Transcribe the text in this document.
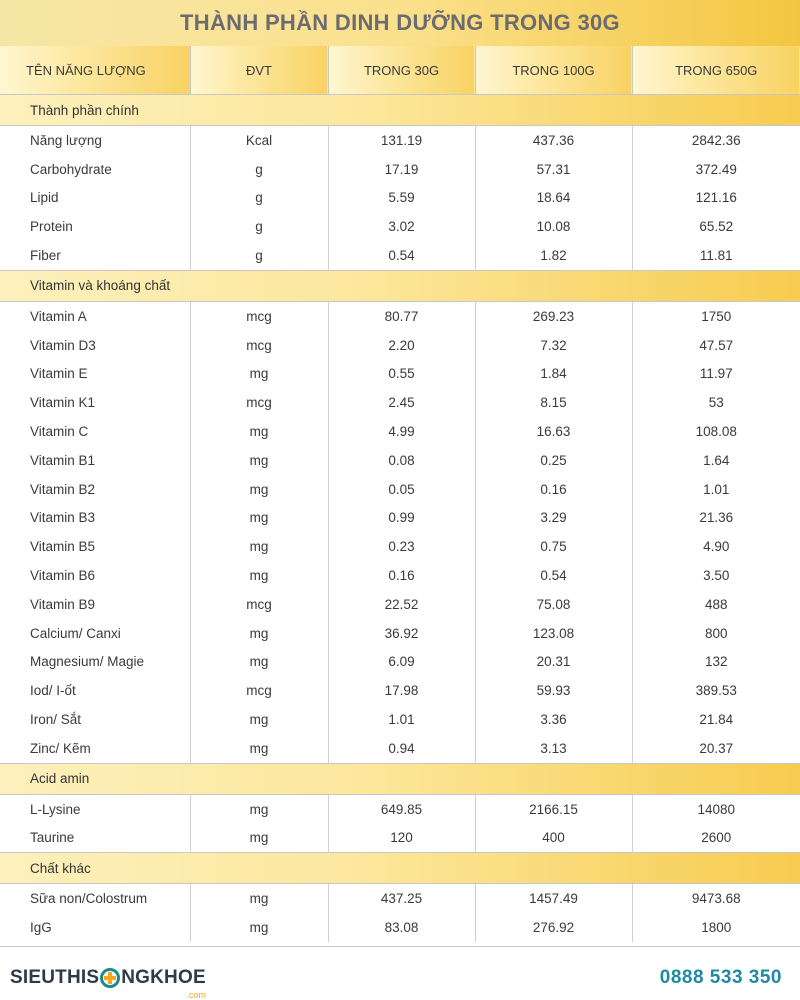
THÀNH PHẦN DINH DƯỠNG TRONG 30G
TÊN NĂNG LƯỢNG	ĐVT	TRONG 30G	TRONG 100G	TRONG 650G
Thành phần chính				
Năng lượng	Kcal	131.19	437.36	2842.36
Carbohydrate	g	17.19	57.31	372.49
Lipid	g	5.59	18.64	121.16
Protein	g	3.02	10.08	65.52
Fiber	g	0.54	1.82	11.81
Vitamin và khoáng chất				
Vitamin A	mcg	80.77	269.23	1750
Vitamin D3	mcg	2.20	7.32	47.57
Vitamin E	mg	0.55	1.84	11.97
Vitamin K1	mcg	2.45	8.15	53
Vitamin C	mg	4.99	16.63	108.08
Vitamin B1	mg	0.08	0.25	1.64
Vitamin B2	mg	0.05	0.16	1.01
Vitamin B3	mg	0.99	3.29	21.36
Vitamin B5	mg	0.23	0.75	4.90
Vitamin B6	mg	0.16	0.54	3.50
Vitamin B9	mcg	22.52	75.08	488
Calcium/ Canxi	mg	36.92	123.08	800
Magnesium/ Magie	mg	6.09	20.31	132
Iod/ I-ốt	mcg	17.98	59.93	389.53
Iron/ Sắt	mg	1.01	3.36	21.84
Zinc/ Kẽm	mg	0.94	3.13	20.37
Acid amin				
L-Lysine	mg	649.85	2166.15	14080
Taurine	mg	120	400	2600
Chất khác				
Sữa non/Colostrum	mg	437.25	1457.49	9473.68
IgG	mg	83.08	276.92	1800
SIEUTHIS NGKHOE
.com
0888 533 350
